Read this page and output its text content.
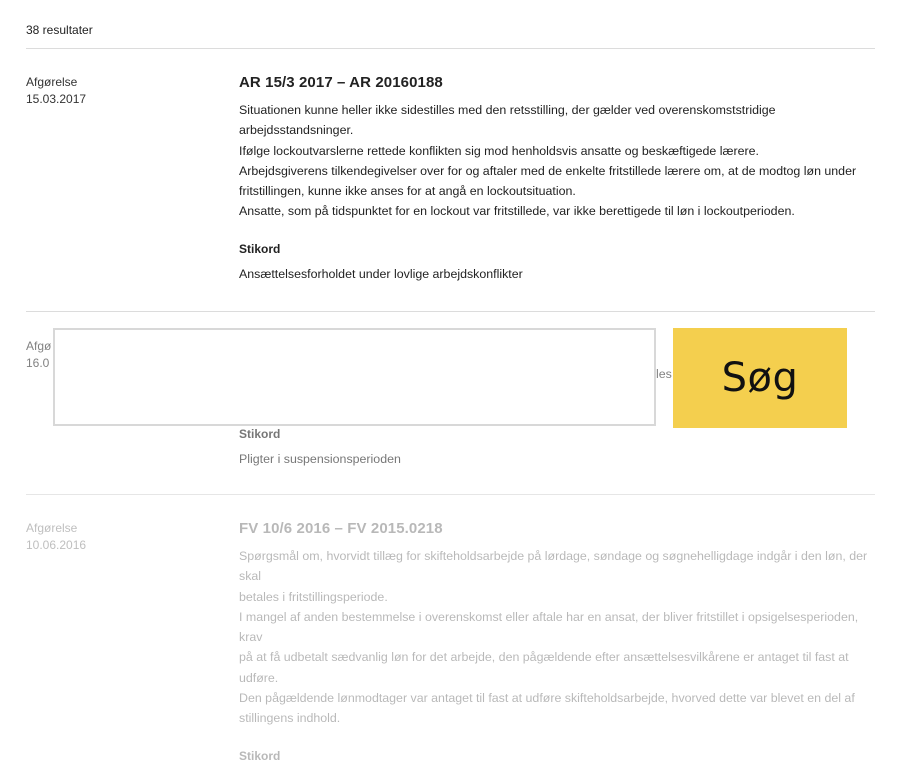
38 resultater
Afgørelse
15.03.2017
AR 15/3 2017 – AR 20160188

Situationen kunne heller ikke sidestilles med den retsstilling, der gælder ved overenskomststridige

arbejdsstandsninger.

Ifølge lockoutvarslerne rettede konflikten sig mod henholdsvis ansatte og beskæftigede lærere.

Arbejdsgiverens tilkendegivelser over for og aftaler med de enkelte fritstillede lærere om, at de modtog løn under

fritstillingen, kunne ikke anses for at angå en lockoutsituation.

Ansatte, som på tidspunktet for en lockout var fritstillede, var ikke berettigede til løn i lockoutperioden.

Stikord
Ansættelsesforholdet under lovlige arbejdskonflikter
Afgø
16.0
les
Stikord
Pligter i suspensionsperioden
Afgørelse
10.06.2016
FV 10/6 2016 – FV 2015.0218

Spørgsmål om, hvorvidt tillæg for skifteholdsarbejde på lørdage, søndage og søgnehelligdage indgår i den løn, der skal

betales i fritstillingsperiode.

I mangel af anden bestemmelse i overenskomst eller aftale har en ansat, der bliver fritstillet i opsigelsesperioden, krav

på at få udbetalt sædvanlig løn for det arbejde, den pågældende efter ansættelsesvilkårene er antaget til fast at

udføre.

Den pågældende lønmodtager var antaget til fast at udføre skifteholdsarbejde, hvorved dette var blevet en del af

stillingens indhold.

Stikord
Søg
